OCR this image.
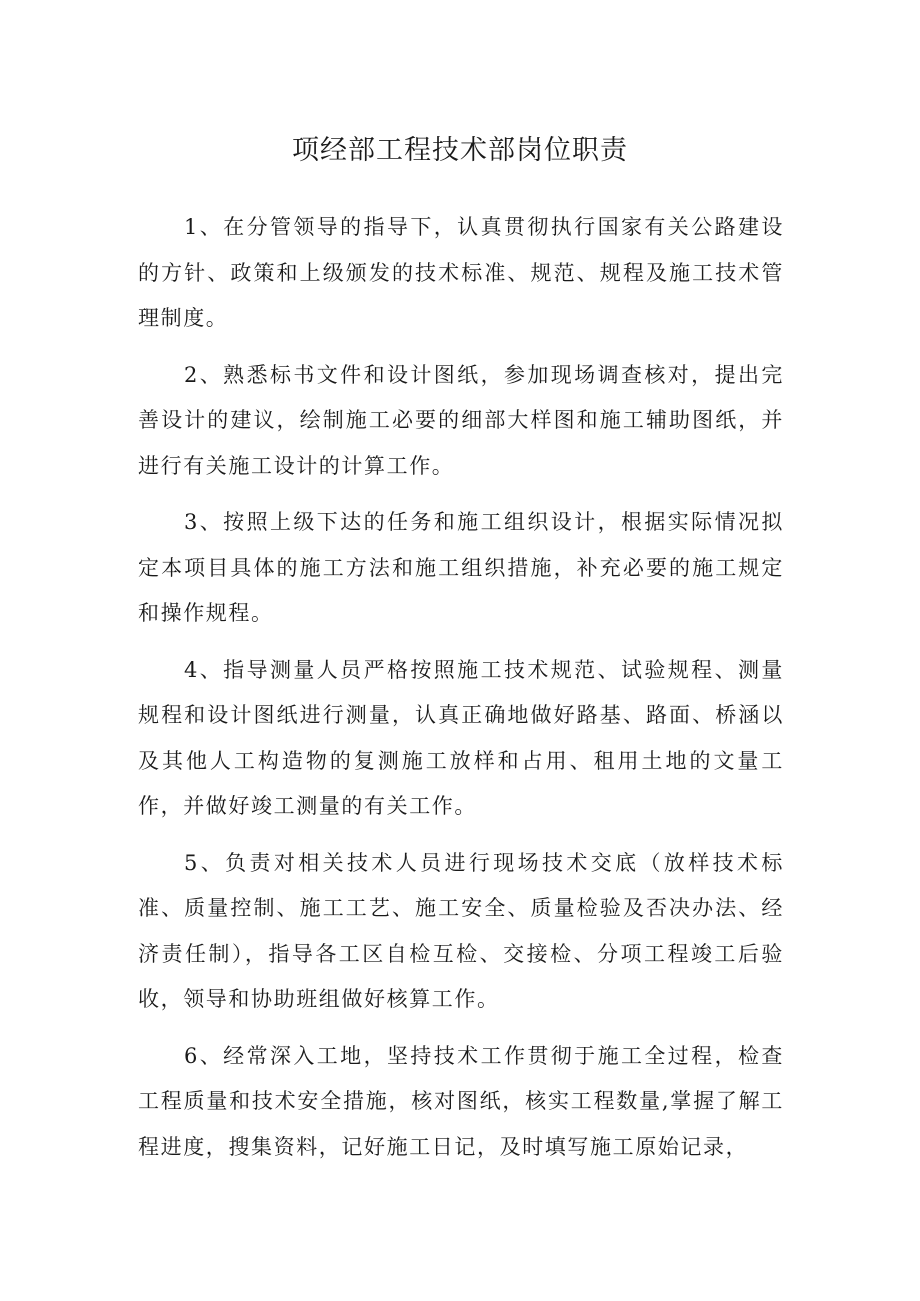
项经部工程技术部岗位职责

1、在分管领导的指导下，认真贯彻执行国家有关公路建设的方针、政策和上级颁发的技术标准、规范、规程及施工技术管理制度。

2、熟悉标书文件和设计图纸，参加现场调查核对，提出完善设计的建议，绘制施工必要的细部大样图和施工辅助图纸，并进行有关施工设计的计算工作。

3、按照上级下达的任务和施工组织设计，根据实际情况拟定本项目具体的施工方法和施工组织措施，补充必要的施工规定和操作规程。

4、指导测量人员严格按照施工技术规范、试验规程、测量规程和设计图纸进行测量，认真正确地做好路基、路面、桥涵以及其他人工构造物的复测施工放样和占用、租用土地的文量工作，并做好竣工测量的有关工作。

5、负责对相关技术人员进行现场技术交底（放样技术标准、质量控制、施工工艺、施工安全、质量检验及否决办法、经济责任制），指导各工区自检互检、交接检、分项工程竣工后验收，领导和协助班组做好核算工作。

6、经常深入工地，坚持技术工作贯彻于施工全过程，检查工程质量和技术安全措施，核对图纸，核实工程数量,掌握了解工程进度，搜集资料，记好施工日记，及时填写施工原始记录，
